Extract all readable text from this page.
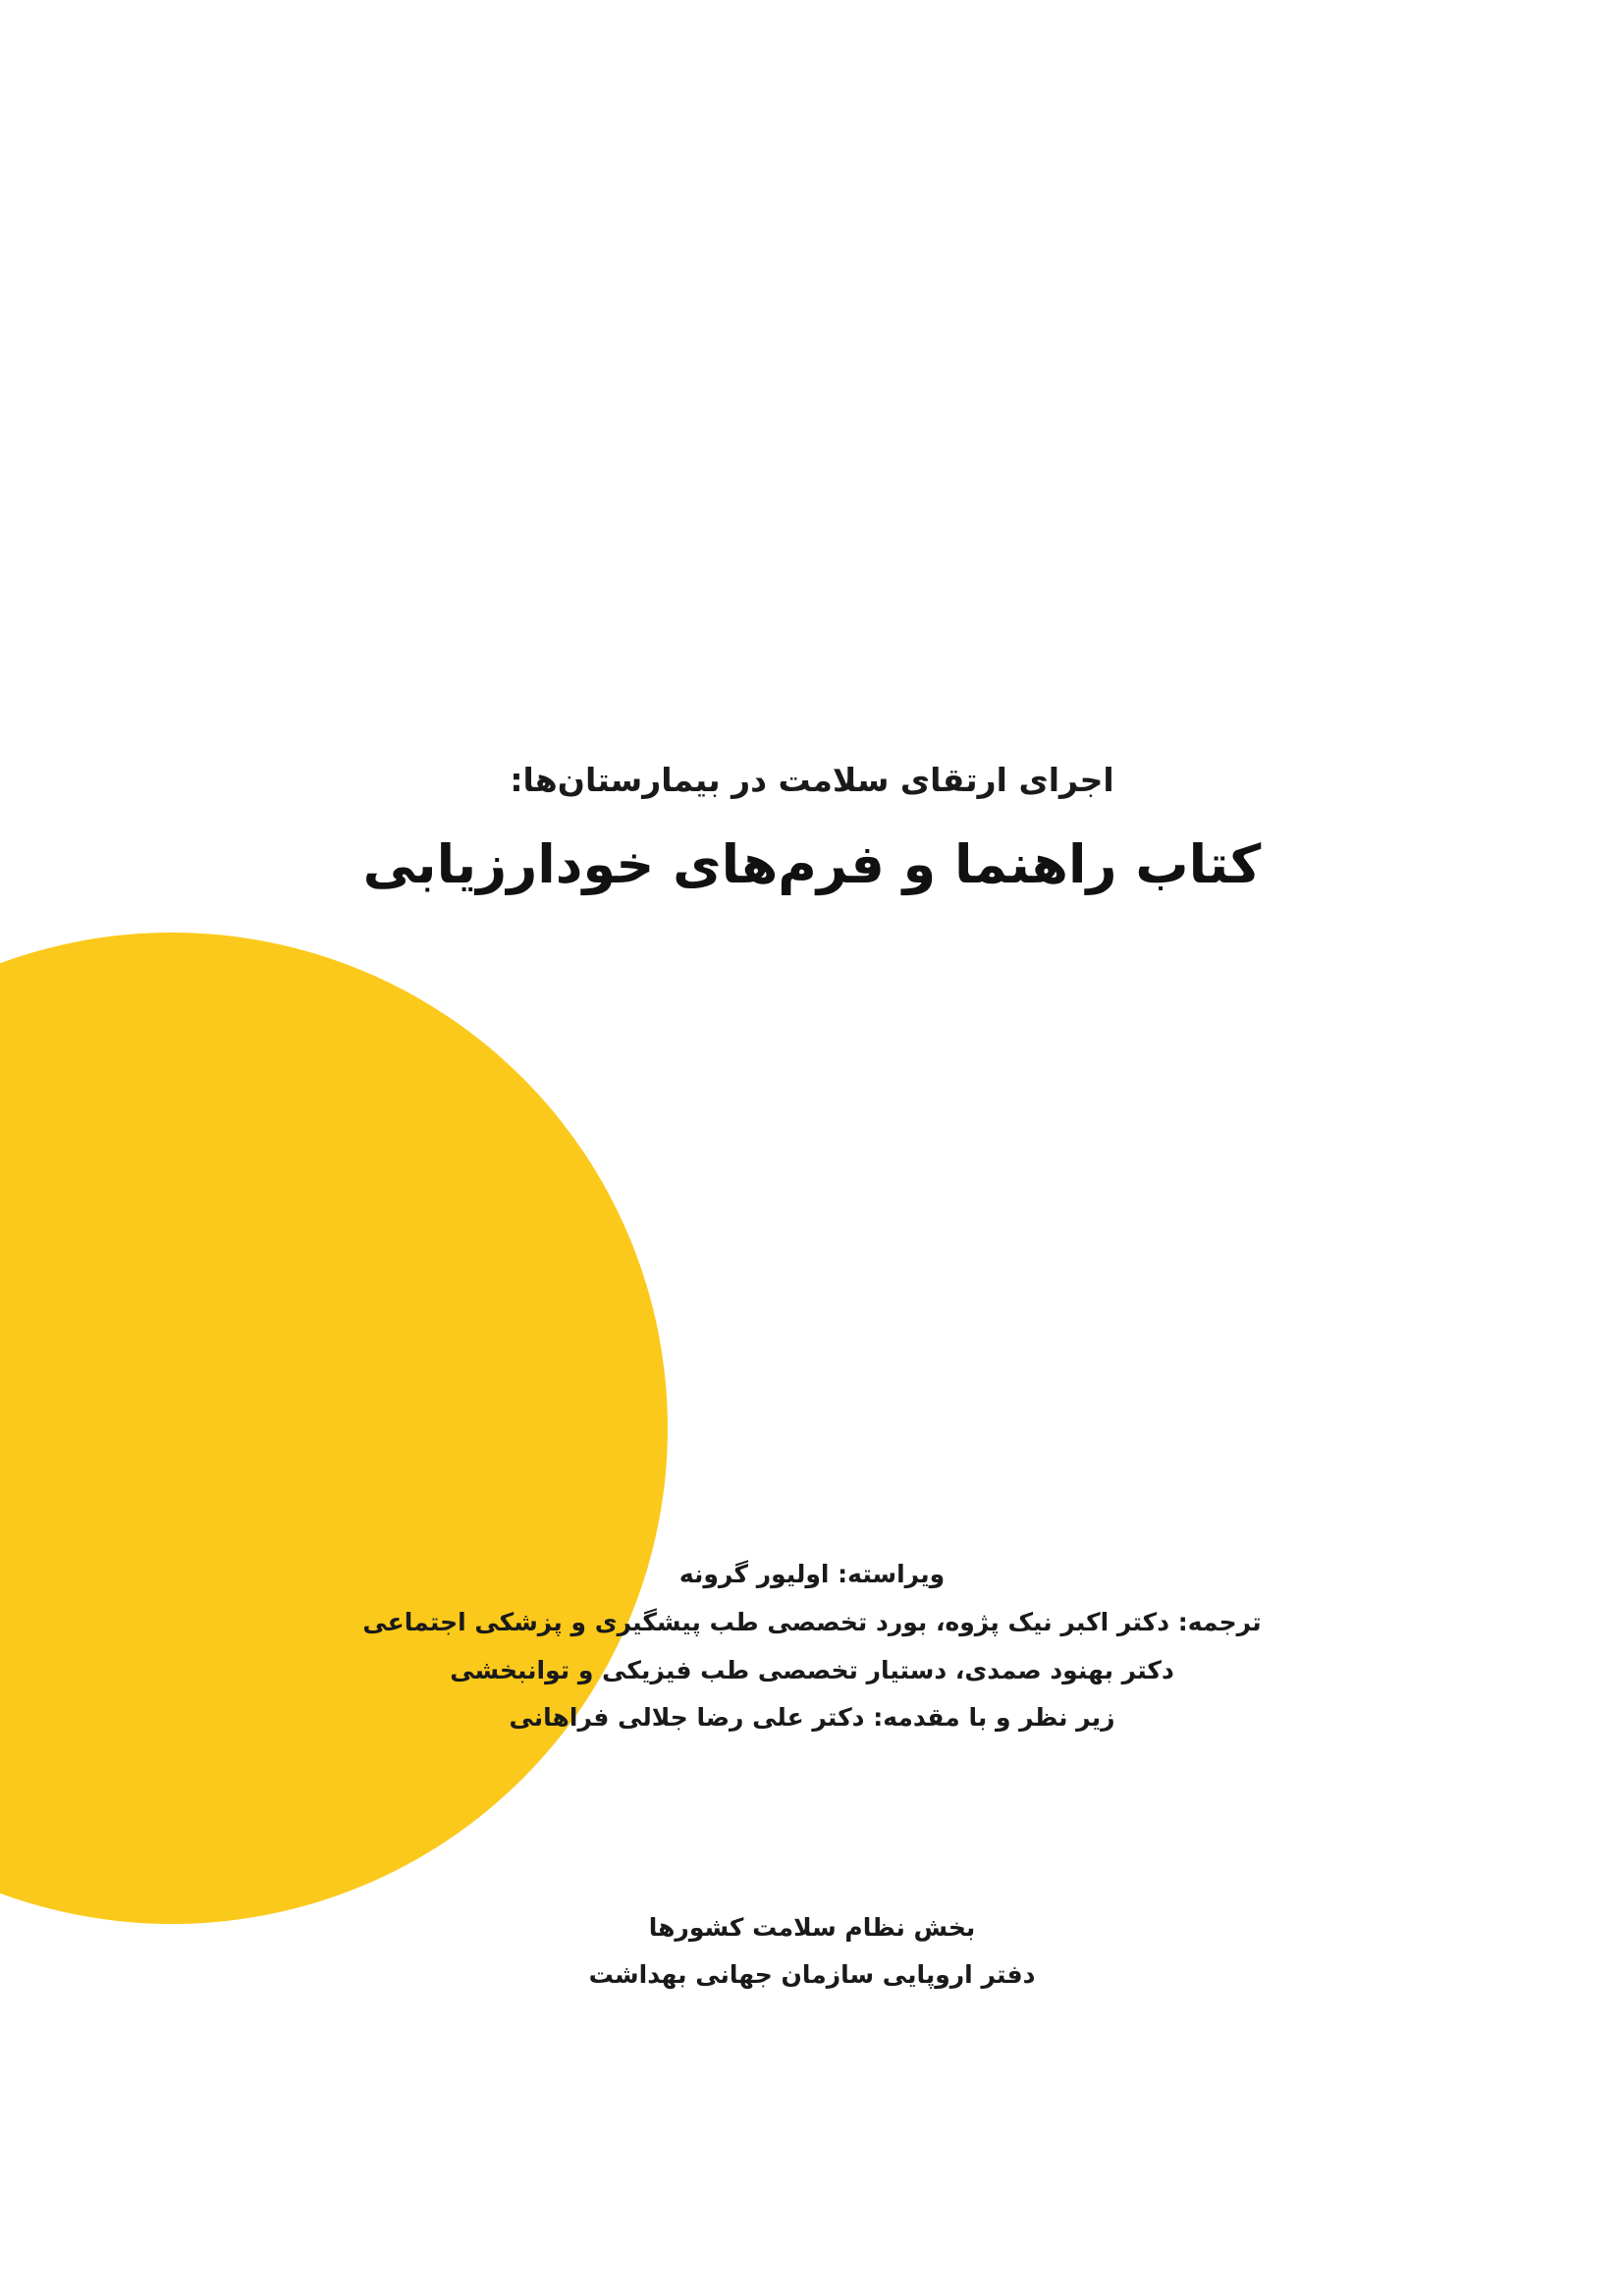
اجرای ارتقای سلامت در بیمارستان‌ها:
کتاب راهنما و فرم‌های خودارزیابی
ویراسته: اولیور گرونه
ترجمه: دکتر اکبر نیک پژوه، بورد تخصصی طب پیشگیری و پزشکی اجتماعی
دکتر بهنود صمدی، دستیار تخصصی طب فیزیکی و توانبخشی
زیر نظر و با مقدمه: دکتر علی رضا جلالی فراهانی
بخش نظام سلامت کشورها
دفتر اروپایی سازمان جهانی بهداشت
